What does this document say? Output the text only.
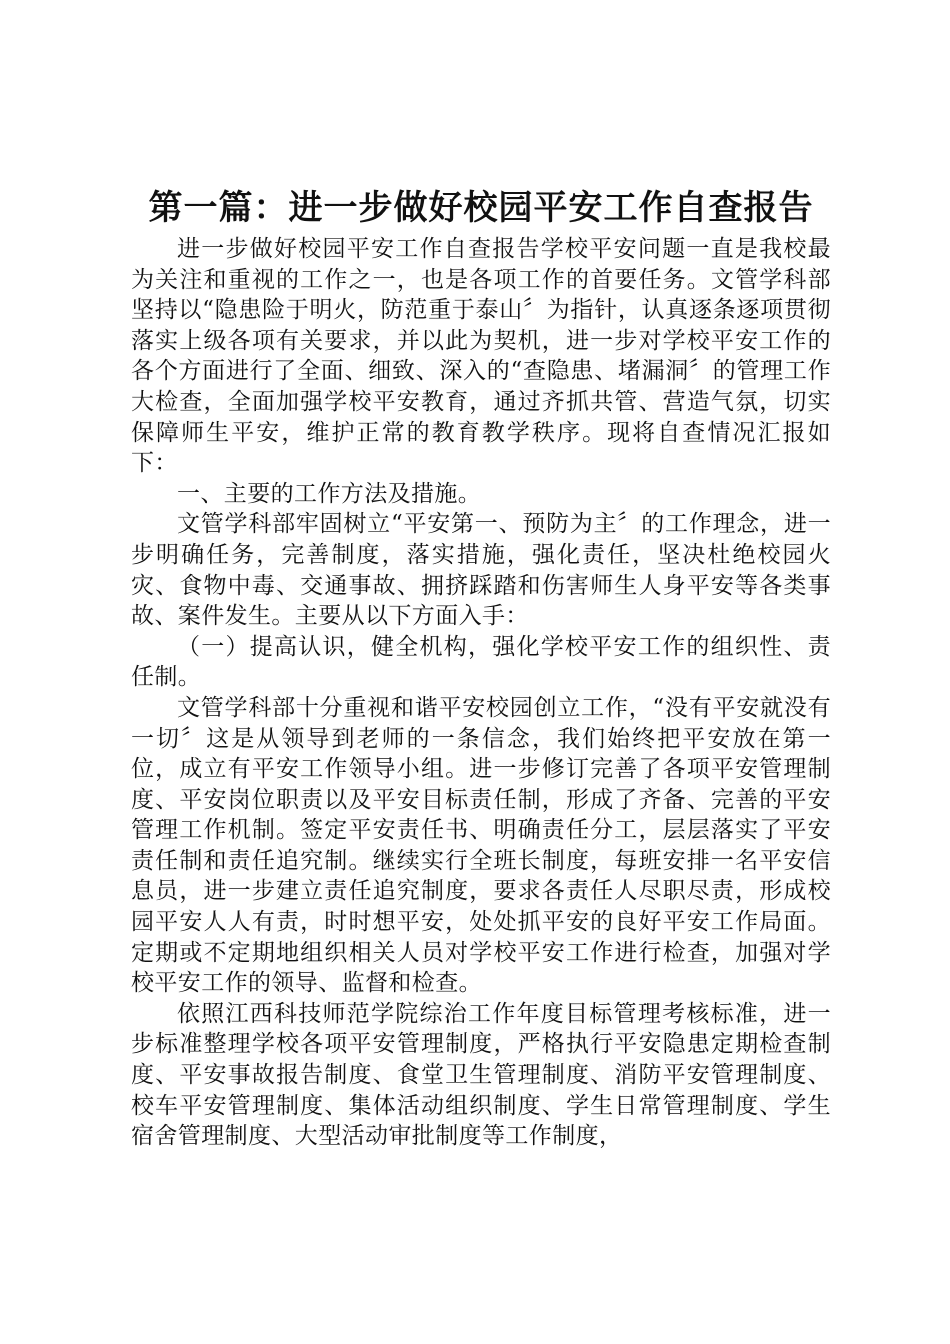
第一篇：进一步做好校园平安工作自查报告

进一步做好校园平安工作自查报告学校平安问题一直是我校最为关注和重视的工作之一，也是各项工作的首要任务。文管学科部坚持以“隐患险于明火，防范重于泰山〞为指针，认真逐条逐项贯彻落实上级各项有关要求，并以此为契机，进一步对学校平安工作的各个方面进行了全面、细致、深入的“查隐患、堵漏洞〞的管理工作大检查，全面加强学校平安教育，通过齐抓共管、营造气氛，切实保障师生平安，维护正常的教育教学秩序。现将自查情况汇报如下：

一、主要的工作方法及措施。

文管学科部牢固树立“平安第一、预防为主〞的工作理念，进一步明确任务，完善制度，落实措施，强化责任，坚决杜绝校园火灾、食物中毒、交通事故、拥挤踩踏和伤害师生人身平安等各类事故、案件发生。主要从以下方面入手：

（一）提高认识，健全机构，强化学校平安工作的组织性、责任制。

文管学科部十分重视和谐平安校园创立工作，“没有平安就没有一切〞这是从领导到老师的一条信念，我们始终把平安放在第一位，成立有平安工作领导小组。进一步修订完善了各项平安管理制度、平安岗位职责以及平安目标责任制，形成了齐备、完善的平安管理工作机制。签定平安责任书、明确责任分工，层层落实了平安责任制和责任追究制。继续实行全班长制度，每班安排一名平安信息员，进一步建立责任追究制度，要求各责任人尽职尽责，形成校园平安人人有责，时时想平安，处处抓平安的良好平安工作局面。定期或不定期地组织相关人员对学校平安工作进行检查，加强对学校平安工作的领导、监督和检查。

依照江西科技师范学院综治工作年度目标管理考核标准，进一步标准整理学校各项平安管理制度，严格执行平安隐患定期检查制度、平安事故报告制度、食堂卫生管理制度、消防平安管理制度、校车平安管理制度、集体活动组织制度、学生日常管理制度、学生宿舍管理制度、大型活动审批制度等工作制度，
